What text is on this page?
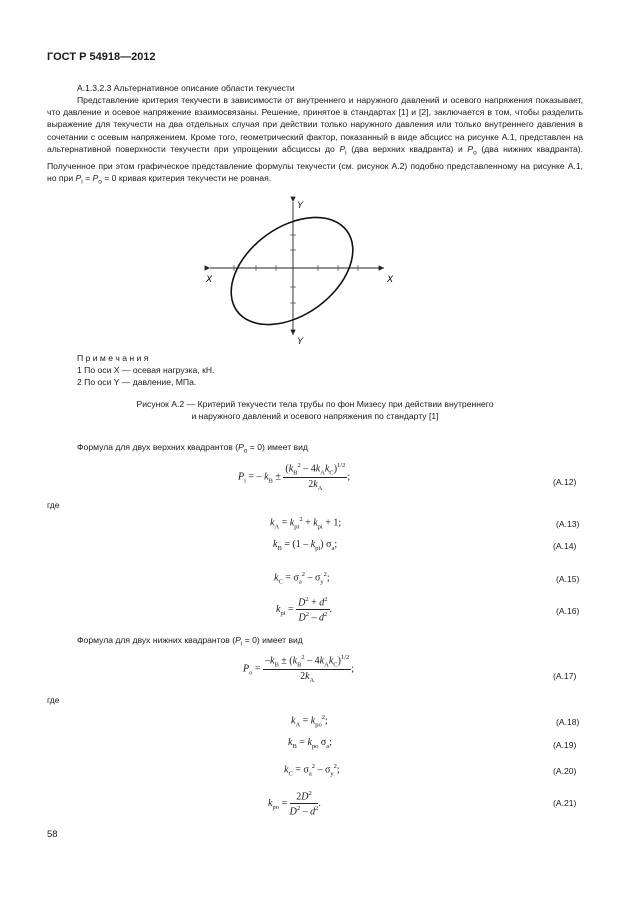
ГОСТ Р 54918—2012
А.1.3.2.3 Альтернативное описание области текучести
Представление критерия текучести в зависимости от внутреннего и наружного давлений и осевого напряжения показывает, что давление и осевое напряжение взаимосвязаны. Решение, принятое в стандартах [1] и [2], заключается в том, чтобы разделить выражение для текучести на два отдельных случая при действии только наружного давления или только внутреннего давления в сочетании с осевым напряжением. Кроме того, геометрический фактор, показанный в виде абсцисс на рисунке А.1, представлен на альтернативной поверхности текучести при упрощении абсциссы до $P_i$ (два верхних квадранта) и $P_o$ (два нижних квадранта). Полученное при этом графическое представление формулы текучести (см. рисунок А.2) подобно представленному на рисунке А.1, но при $P_i = P_o = 0$ кривая критерия текучести не ровная.
Y
Y
X	X
П р и м е ч а н и я
1 По оси X — осевая нагрузка, кН.
2 По оси Y — давление, МПа.
Рисунок А.2 — Критерий текучести тела трубы по фон Мизесу при действии внутреннего
и наружного давлений и осевого напряжения по стандарту [1]
Формула для двух верхних квадрантов $(P_o = 0)$ имеет вид
$P_i$ = – $k_B \pm \frac{(k_B^2 - 4k_Ak_C)^{1/2}}{2k_A}$ ;	(А.12)
где
$k_A = k_{pi}^2 + k_{pi} + 1$;	(А.13)
$k_B = (1 - k_{pi})$ $\sigma_a$;	(А.14)
$k_C = \sigma_a^2 - \sigma_y^2$;	(А.15)
$k_{pi} = \frac{D^2 + d^2}{D^2 - d^2}$ .	(А.16)
Формула для двух нижних квадрантов $(P_i = 0)$ имеет вид
$P_o = \frac{-k_B \pm (k_B^2 - 4k_Ak_C)^{1/2}}{2k_A}$ ;
(А.17)
где
$k_A = k_{po}^2$;	(А.18)
$k_B = k_{po}$ $\sigma_a$;	(А.19)
$k_C = \sigma_a^2 - \sigma_y^2$;	(А.20)
$k_{po} = \frac{2D^2}{D^2 - d^2}$ .	(А.21)
58
